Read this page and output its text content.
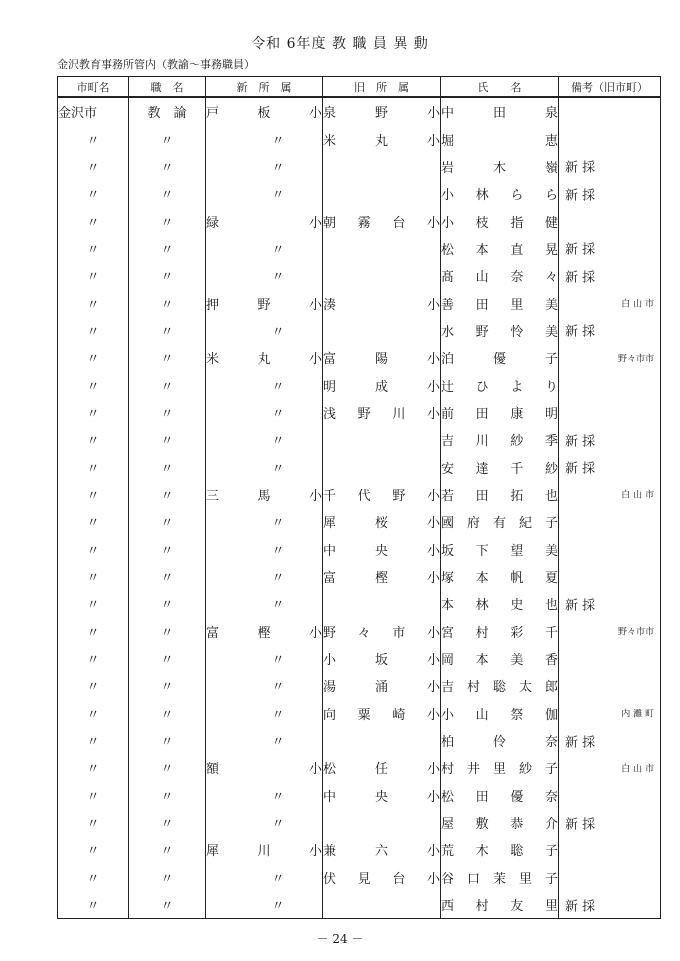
令和 6年度 教 職 員 異 動
金沢教育事務所管内（教諭～事務職員）
市町名	職　名	新　所　属	旧　所　属	氏　　名	備考（旧市町）
金沢市	教　論	戸板小	泉野小	中田泉	

〃	〃	〃	米丸小	堀恵	

〃	〃	〃		岩木嶺	新 採

〃	〃	〃		小林らら	新 採

〃	〃	緑小	朝霧台小	小枝指健	

〃	〃	〃		松本直晃	新 採

〃	〃	〃		髙山奈々	新 採

〃	〃	押野小	湊小	善田里美	白 山 市

〃	〃	〃		水野怜美	新 採

〃	〃	米丸小	富陽小	泊優子	野々市市

〃	〃	〃	明成小	辻ひより	

〃	〃	〃	浅野川小	前田康明	

〃	〃	〃		吉川紗季	新 採

〃	〃	〃		安達千紗	新 採

〃	〃	三馬小	千代野小	若田拓也	白 山 市

〃	〃	〃	犀桜小	國府有紀子	

〃	〃	〃	中央小	坂下望美	

〃	〃	〃	富樫小	塚本帆夏	

〃	〃	〃		本林史也	新 採

〃	〃	富樫小	野々市小	宮村彩千	野々市市

〃	〃	〃	小坂小	岡本美香	

〃	〃	〃	湯涌小	吉村聡太郎	

〃	〃	〃	向粟崎小	小山祭伽	内 灘 町

〃	〃	〃		柏伶奈	新 採

〃	〃	額小	松任小	村井里紗子	白 山 市

〃	〃	〃	中央小	松田優奈	

〃	〃	〃		屋敷恭介	新 採

〃	〃	犀川小	兼六小	荒木聡子	

〃	〃	〃	伏見台小	谷口茉里子	

〃	〃	〃		西村友里	新 採
－ 24 －
